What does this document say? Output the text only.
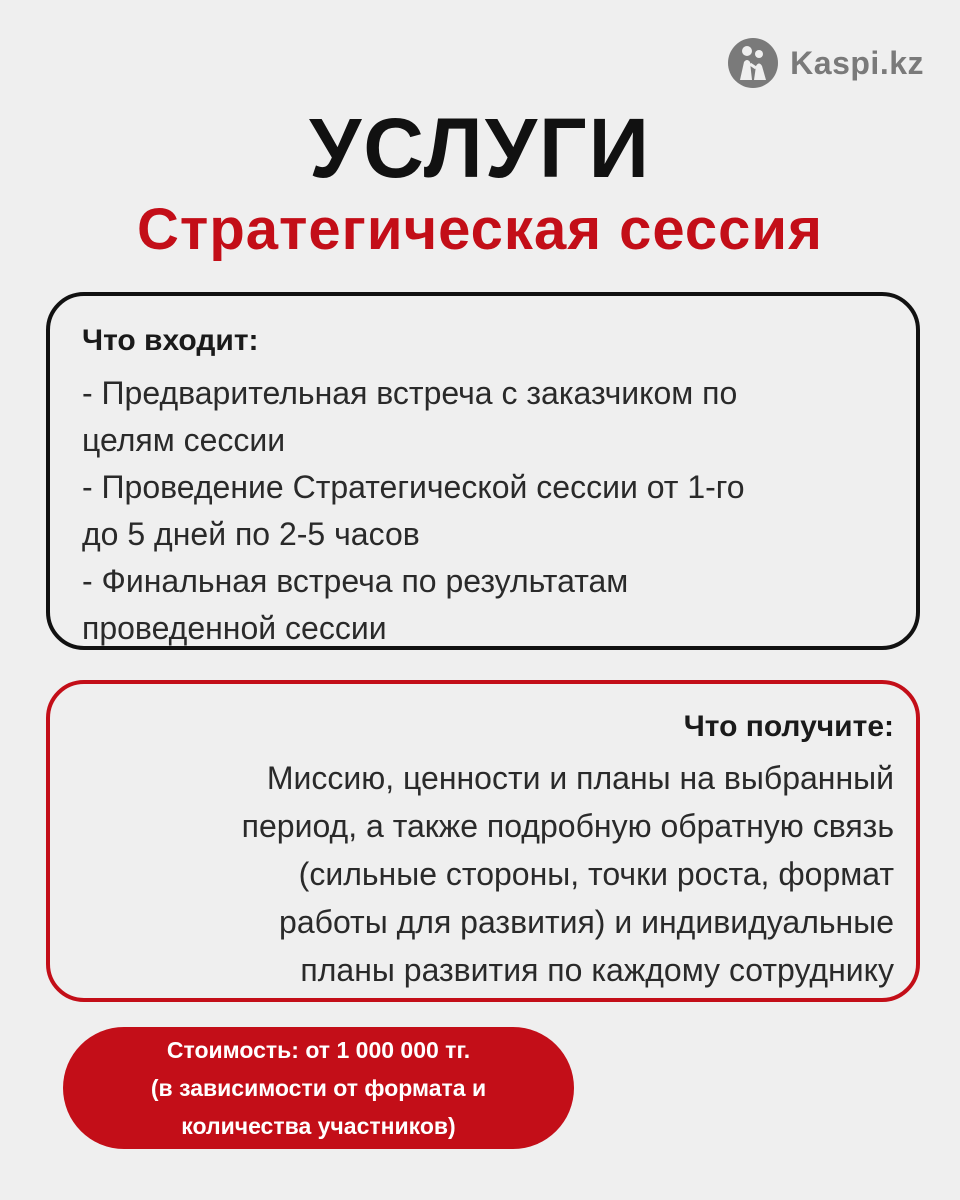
Kaspi.kz
УСЛУГИ
Стратегическая сессия

Что входит:

- Предварительная встреча с заказчиком по

целям сессии

- Проведение Стратегической сессии от 1-го

до 5 дней по 2-5 часов

- Финальная встреча по результатам

проведенной сессии

Что получите:

Миссию, ценности и планы на выбранный

период, а также подробную обратную связь

(сильные стороны, точки роста, формат

работы для развития) и индивидуальные

планы развития по каждому сотруднику

Стоимость: от 1 000 000 тг.

(в зависимости от формата и

количества участников)
